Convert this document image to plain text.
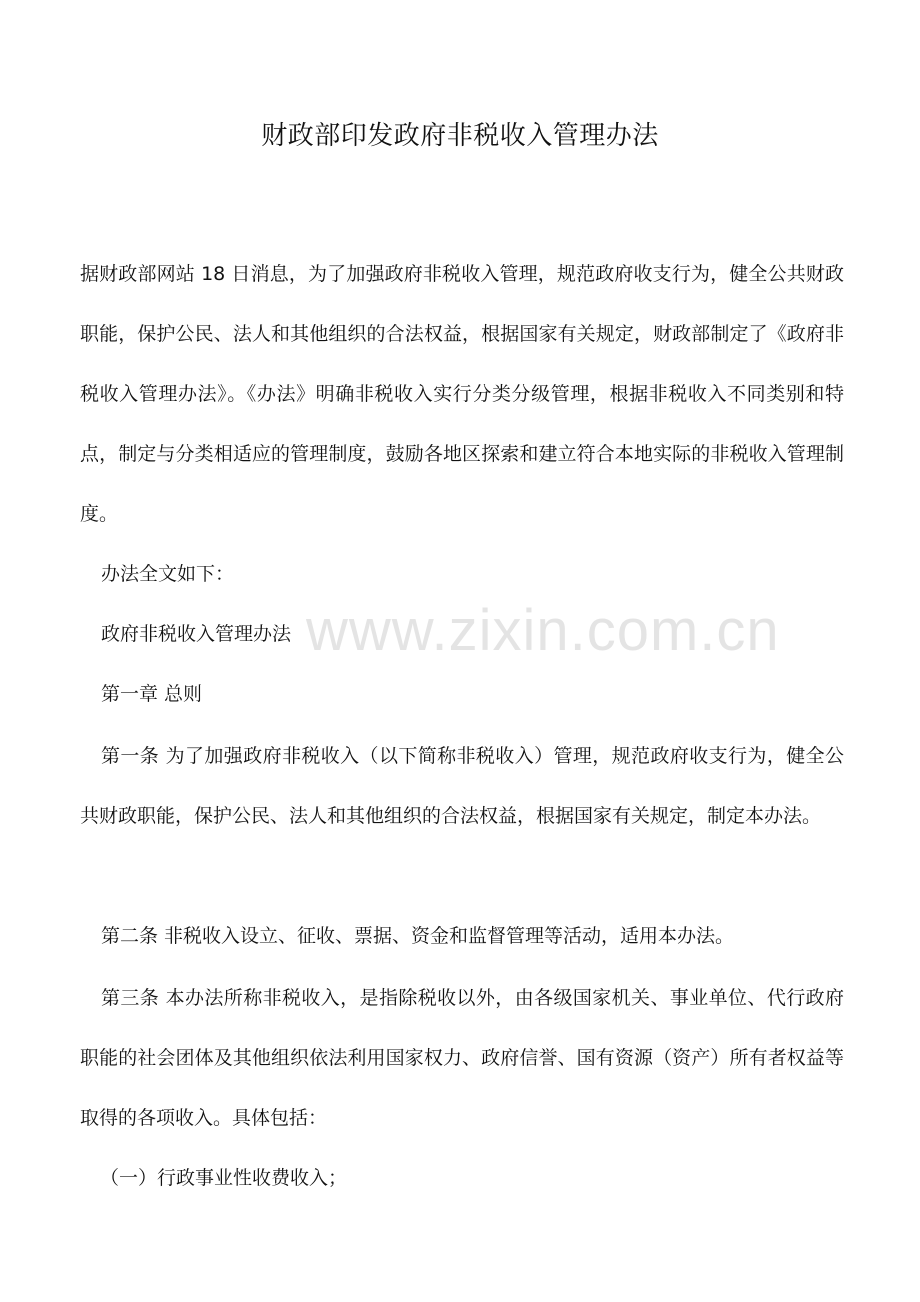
财政部印发政府非税收入管理办法

据财政部网站 18 日消息，为了加强政府非税收入管理，规范政府收支行为，健全公共财政职能，保护公民、法人和其他组织的合法权益，根据国家有关规定，财政部制定了《政府非税收入管理办法》。《办法》明确非税收入实行分类分级管理，根据非税收入不同类别和特点，制定与分类相适应的管理制度，鼓励各地区探索和建立符合本地实际的非税收入管理制度。

办法全文如下：

政府非税收入管理办法

第一章 总则

第一条 为了加强政府非税收入（以下简称非税收入）管理，规范政府收支行为，健全公共财政职能，保护公民、法人和其他组织的合法权益，根据国家有关规定，制定本办法。

第二条 非税收入设立、征收、票据、资金和监督管理等活动，适用本办法。

第三条 本办法所称非税收入，是指除税收以外，由各级国家机关、事业单位、代行政府职能的社会团体及其他组织依法利用国家权力、政府信誉、国有资源（资产）所有者权益等取得的各项收入。具体包括：

（一）行政事业性收费收入；

www.zixin.com.cn
